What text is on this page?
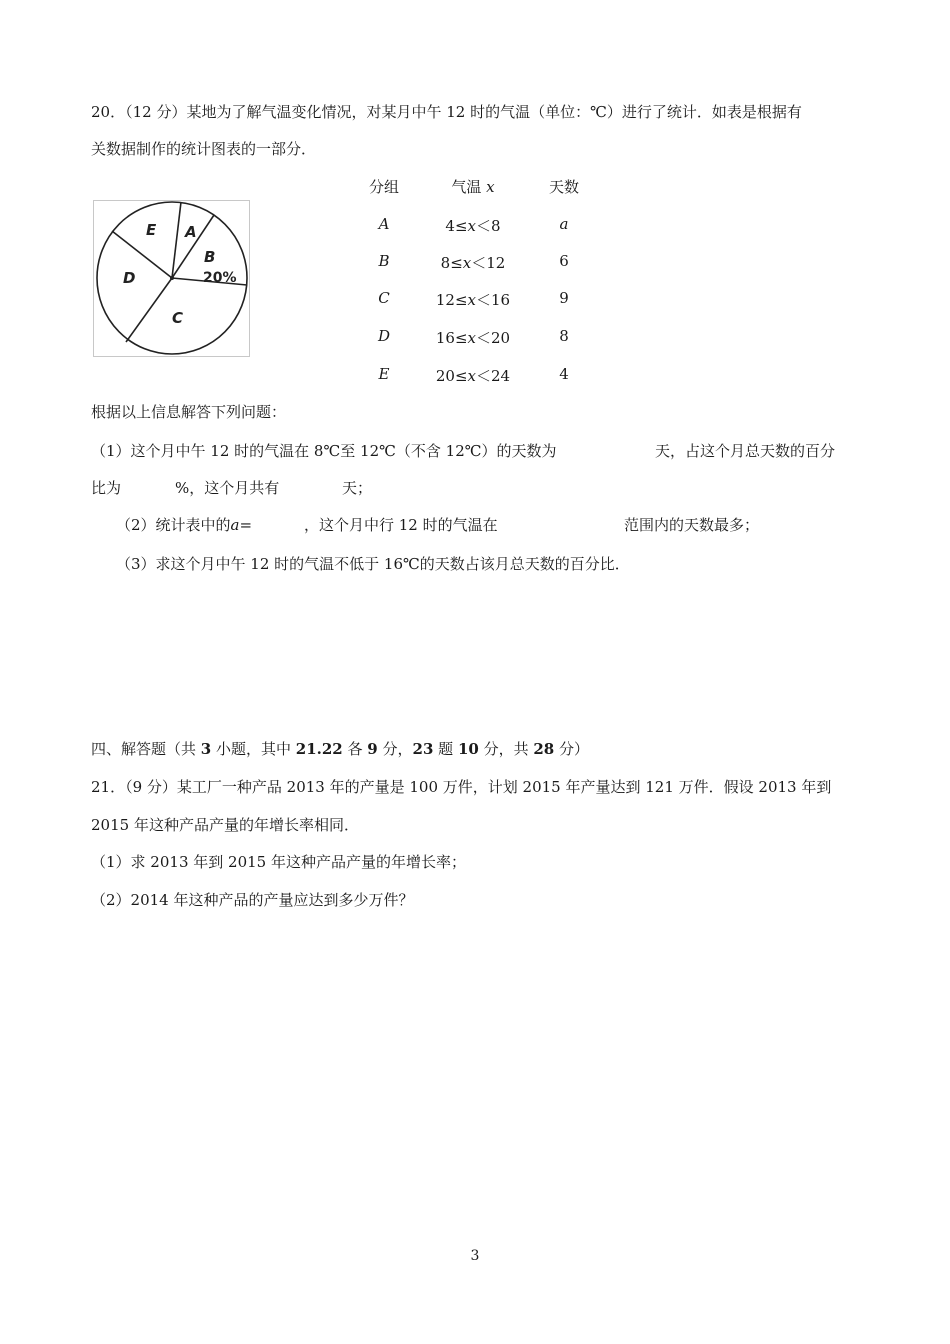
20．（12 分）某地为了解气温变化情况，对某月中午 12 时的气温（单位：℃）进行了统计．如表是根据有
关数据制作的统计图表的一部分．
E A
B
20%
D
C
分组	气温 x	天数
A	4≤x＜8	a
B	8≤x＜12	6
C	12≤x＜16	9
D	16≤x＜20	8
E	20≤x＜24	4
根据以上信息解答下列问题：
（1）这个月中午 12 时的气温在 8℃至 12℃（不含 12℃）的天数为	天，占这个月总天数的百分
比为	%，这个月共有	天；
（2）统计表中的a=	，这个月中行 12 时的气温在	范围内的天数最多；
（3）求这个月中午 12 时的气温不低于 16℃的天数占该月总天数的百分比．
四、解答题（共 3 小题，其中 21.22 各 9 分，23 题 10 分，共 28 分）
21．（9 分）某工厂一种产品 2013 年的产量是 100 万件，计划 2015 年产量达到 121 万件．假设 2013 年到
2015 年这种产品产量的年增长率相同．
（1）求 2013 年到 2015 年这种产品产量的年增长率；
（2）2014 年这种产品的产量应达到多少万件？
3
